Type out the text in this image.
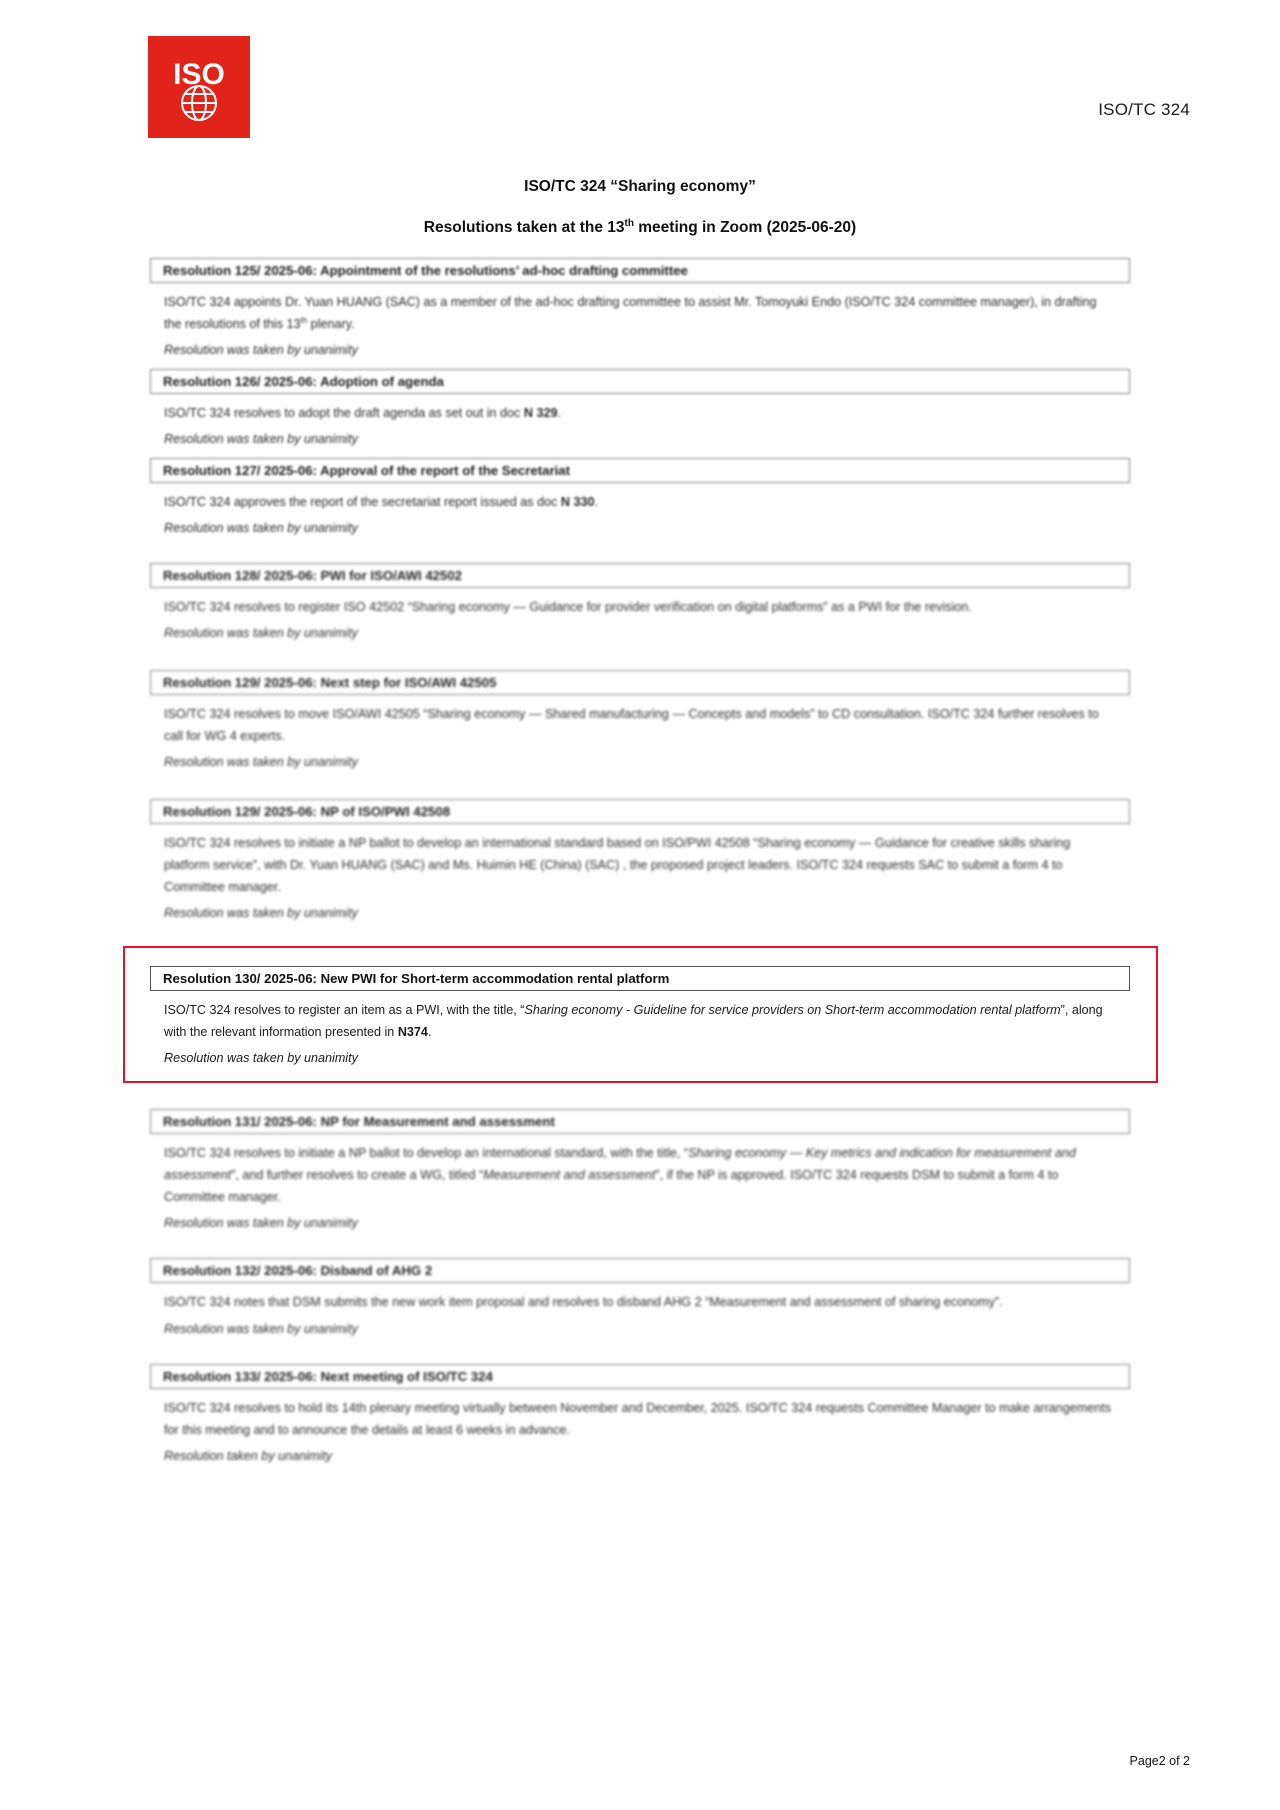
ISO
ISO/TC 324
ISO/TC 324 “Sharing economy”
Resolutions taken at the 13th meeting in Zoom (2025-06-20)
Resolution 125/ 2025-06: Appointment of the resolutions’ ad-hoc drafting committee
ISO/TC 324 appoints Dr. Yuan HUANG (SAC) as a member of the ad-hoc drafting committee to assist Mr. Tomoyuki Endo (ISO/TC 324 committee manager), in drafting the resolutions of this 13th plenary.
Resolution was taken by unanimity
Resolution 126/ 2025-06: Adoption of agenda
ISO/TC 324 resolves to adopt the draft agenda as set out in doc N 329.
Resolution was taken by unanimity
Resolution 127/ 2025-06: Approval of the report of the Secretariat
ISO/TC 324 approves the report of the secretariat report issued as doc N 330.
Resolution was taken by unanimity
Resolution 128/ 2025-06: PWI for ISO/AWI 42502
ISO/TC 324 resolves to register ISO 42502 “Sharing economy — Guidance for provider verification on digital platforms” as a PWI for the revision.
Resolution was taken by unanimity
Resolution 129/ 2025-06: Next step for ISO/AWI 42505
ISO/TC 324 resolves to move ISO/AWI 42505 “Sharing economy — Shared manufacturing — Concepts and models” to CD consultation. ISO/TC 324 further resolves to call for WG 4 experts.
Resolution was taken by unanimity
Resolution 129/ 2025-06: NP of ISO/PWI 42508
ISO/TC 324 resolves to initiate a NP ballot to develop an international standard based on ISO/PWI 42508 “Sharing economy — Guidance for creative skills sharing platform service”, with Dr. Yuan HUANG (SAC) and Ms. Huimin HE (China) (SAC) , the proposed project leaders. ISO/TC 324 requests SAC to submit a form 4 to Committee manager.
Resolution was taken by unanimity
Resolution 130/ 2025-06: New PWI for Short-term accommodation rental platform
ISO/TC 324 resolves to register an item as a PWI, with the title, “Sharing economy - Guideline for service providers on Short-term accommodation rental platform”, along with the relevant information presented in N374.
Resolution was taken by unanimity
Resolution 131/ 2025-06: NP for Measurement and assessment
ISO/TC 324 resolves to initiate a NP ballot to develop an international standard, with the title, “Sharing economy — Key metrics and indication for measurement and assessment”, and further resolves to create a WG, titled “Measurement and assessment”, if the NP is approved. ISO/TC 324 requests DSM to submit a form 4 to Committee manager.
Resolution was taken by unanimity
Resolution 132/ 2025-06: Disband of AHG 2
ISO/TC 324 notes that DSM submits the new work item proposal and resolves to disband AHG 2 “Measurement and assessment of sharing economy”.
Resolution was taken by unanimity
Resolution 133/ 2025-06: Next meeting of ISO/TC 324
ISO/TC 324 resolves to hold its 14th plenary meeting virtually between November and December, 2025. ISO/TC 324 requests Committee Manager to make arrangements for this meeting and to announce the details at least 6 weeks in advance.
Resolution taken by unanimity
Page2 of 2
